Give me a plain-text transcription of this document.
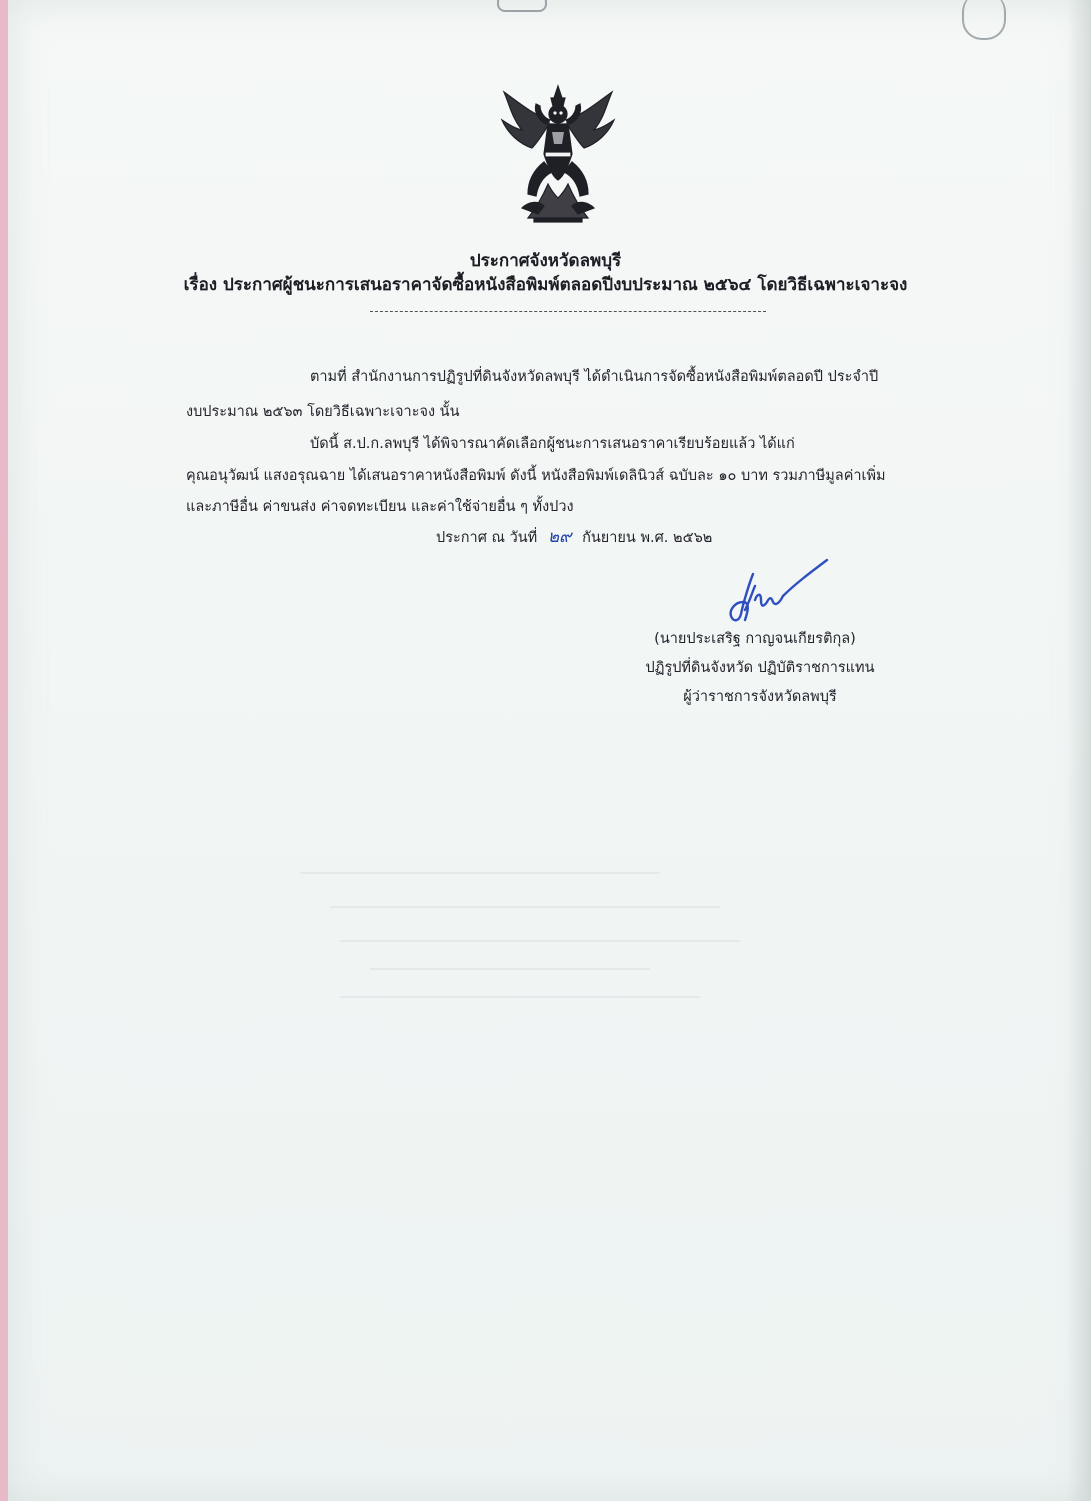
ประกาศจังหวัดลพบุรี
เรื่อง ประกาศผู้ชนะการเสนอราคาจัดซื้อหนังสือพิมพ์ตลอดปีงบประมาณ ๒๕๖๔ โดยวิธีเฉพาะเจาะจง
ตามที่ สำนักงานการปฏิรูปที่ดินจังหวัดลพบุรี ได้ดำเนินการจัดซื้อหนังสือพิมพ์ตลอดปี ประจำปี
งบประมาณ ๒๕๖๓ โดยวิธีเฉพาะเจาะจง นั้น
บัดนี้ ส.ป.ก.ลพบุรี ได้พิจารณาคัดเลือกผู้ชนะการเสนอราคาเรียบร้อยแล้ว ได้แก่
คุณอนุวัฒน์ แสงอรุณฉาย ได้เสนอราคาหนังสือพิมพ์ ดังนี้ หนังสือพิมพ์เดลินิวส์ ฉบับละ ๑๐ บาท รวมภาษีมูลค่าเพิ่ม
และภาษีอื่น ค่าขนส่ง ค่าจดทะเบียน และค่าใช้จ่ายอื่น ๆ ทั้งปวง
ประกาศ ณ วันที่ ๒๙ กันยายน พ.ศ. ๒๕๖๒
(นายประเสริฐ กาญจนเกียรติกุล)
ปฏิรูปที่ดินจังหวัด ปฏิบัติราชการแทน
ผู้ว่าราชการจังหวัดลพบุรี
